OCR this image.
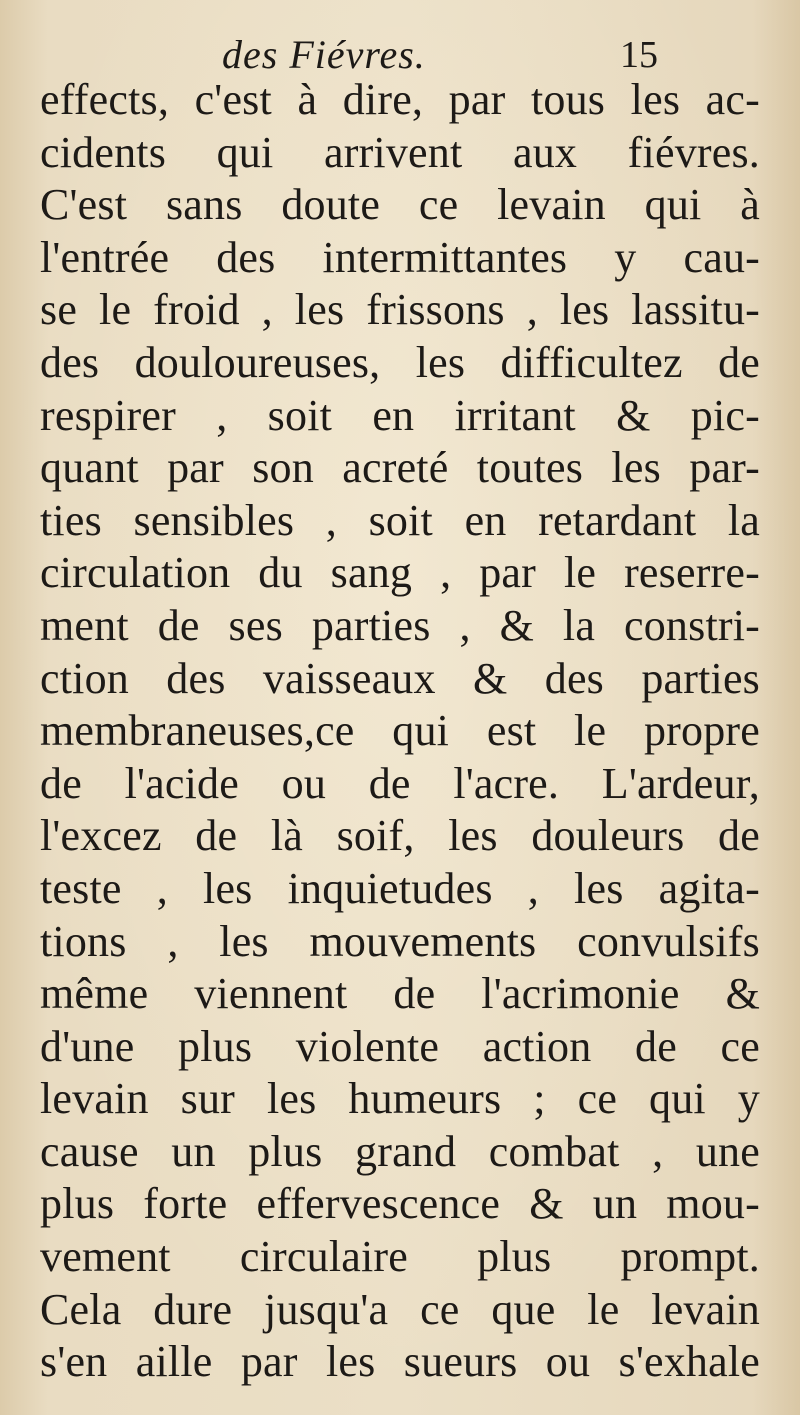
des Fiévres.	15
effects, c'est à dire, par tous les ac-
cidents qui arrivent aux fiévres.
C'est sans doute ce levain qui à
l'entrée des intermittantes y cau-
se le froid , les frissons , les lassitu-
des douloureuses, les difficultez de
respirer , soit en irritant & pic-
quant par son acreté toutes les par-
ties sensibles , soit en retardant la
circulation du sang , par le reserre-
ment de ses parties , & la constri-
ction des vaisseaux & des parties
membraneuses,ce qui est le propre
de l'acide ou de l'acre. L'ardeur,
l'excez de là soif, les douleurs de
teste , les inquietudes , les agita-
tions , les mouvements convulsifs
même viennent de l'acrimonie &
d'une plus violente action de ce
levain sur les humeurs ; ce qui y
cause un plus grand combat , une
plus forte effervescence & un mou-
vement circulaire plus prompt.
Cela dure jusqu'a ce que le levain
s'en aille par les sueurs ou s'exhale
